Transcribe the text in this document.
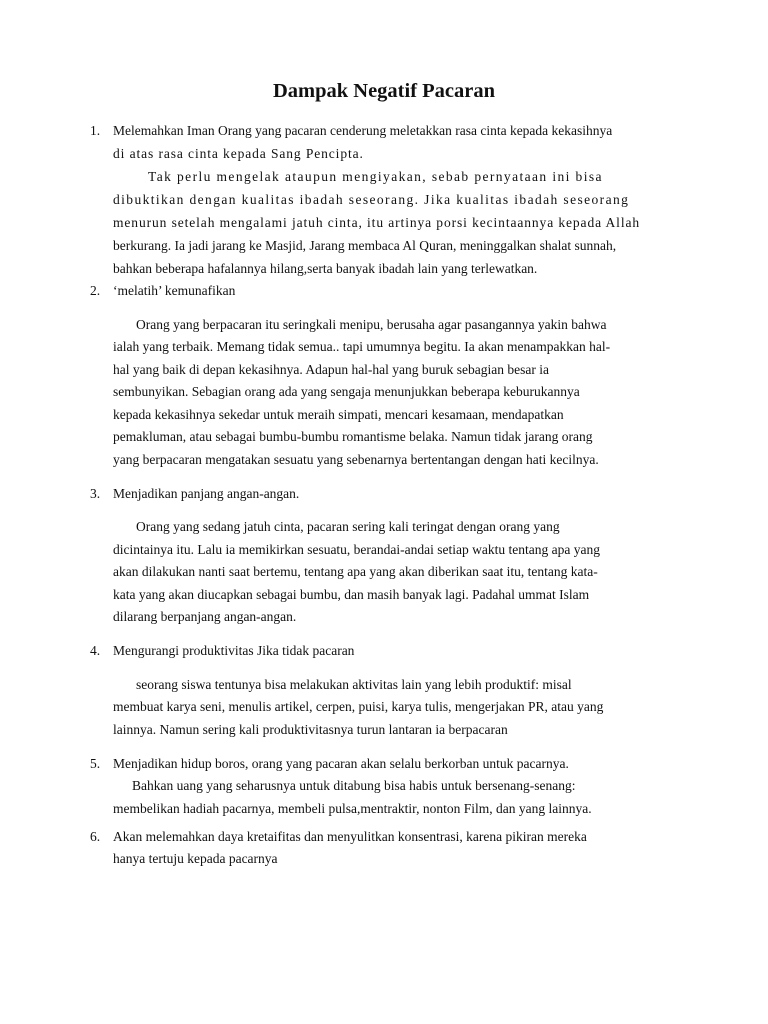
Dampak Negatif Pacaran
1. Melemahkan Iman Orang yang pacaran cenderung meletakkan rasa cinta kepada kekasihnya
di atas rasa cinta kepada Sang Pencipta.
Tak perlu mengelak ataupun mengiyakan, sebab pernyataan ini bisa
dibuktikan dengan kualitas ibadah seseorang. Jika kualitas ibadah seseorang
menurun setelah mengalami jatuh cinta, itu artinya porsi kecintaannya kepada Allah
berkurang. Ia jadi jarang ke Masjid, Jarang membaca Al Quran, meninggalkan shalat sunnah,
bahkan beberapa hafalannya hilang,serta banyak ibadah lain yang terlewatkan.
2. ‘melatih’ kemunafikan
Orang yang berpacaran itu seringkali menipu, berusaha agar pasangannya yakin bahwa
ialah yang terbaik. Memang tidak semua.. tapi umumnya begitu. Ia akan menampakkan hal-
hal yang baik di depan kekasihnya. Adapun hal-hal yang buruk sebagian besar ia
sembunyikan. Sebagian orang ada yang sengaja menunjukkan beberapa keburukannya
kepada kekasihnya sekedar untuk meraih simpati, mencari kesamaan, mendapatkan
pemakluman, atau sebagai bumbu-bumbu romantisme belaka. Namun tidak jarang orang
yang berpacaran mengatakan sesuatu yang sebenarnya bertentangan dengan hati kecilnya.
3. Menjadikan panjang angan-angan.
Orang yang sedang jatuh cinta, pacaran sering kali teringat dengan orang yang
dicintainya itu. Lalu ia memikirkan sesuatu, berandai-andai setiap waktu tentang apa yang
akan dilakukan nanti saat bertemu, tentang apa yang akan diberikan saat itu, tentang kata-
kata yang akan diucapkan sebagai bumbu, dan masih banyak lagi. Padahal ummat Islam
dilarang berpanjang angan-angan.
4. Mengurangi produktivitas Jika tidak pacaran
seorang siswa tentunya bisa melakukan aktivitas lain yang lebih produktif: misal
membuat karya seni, menulis artikel, cerpen, puisi, karya tulis, mengerjakan PR, atau yang
lainnya. Namun sering kali produktivitasnya turun lantaran ia berpacaran
5. Menjadikan hidup boros, orang yang pacaran akan selalu berkorban untuk pacarnya.
Bahkan uang yang seharusnya untuk ditabung bisa habis untuk bersenang-senang:
membelikan hadiah pacarnya, membeli pulsa,mentraktir, nonton Film, dan yang lainnya.
6. Akan melemahkan daya kretaifitas dan menyulitkan konsentrasi, karena pikiran mereka
hanya tertuju kepada pacarnya
